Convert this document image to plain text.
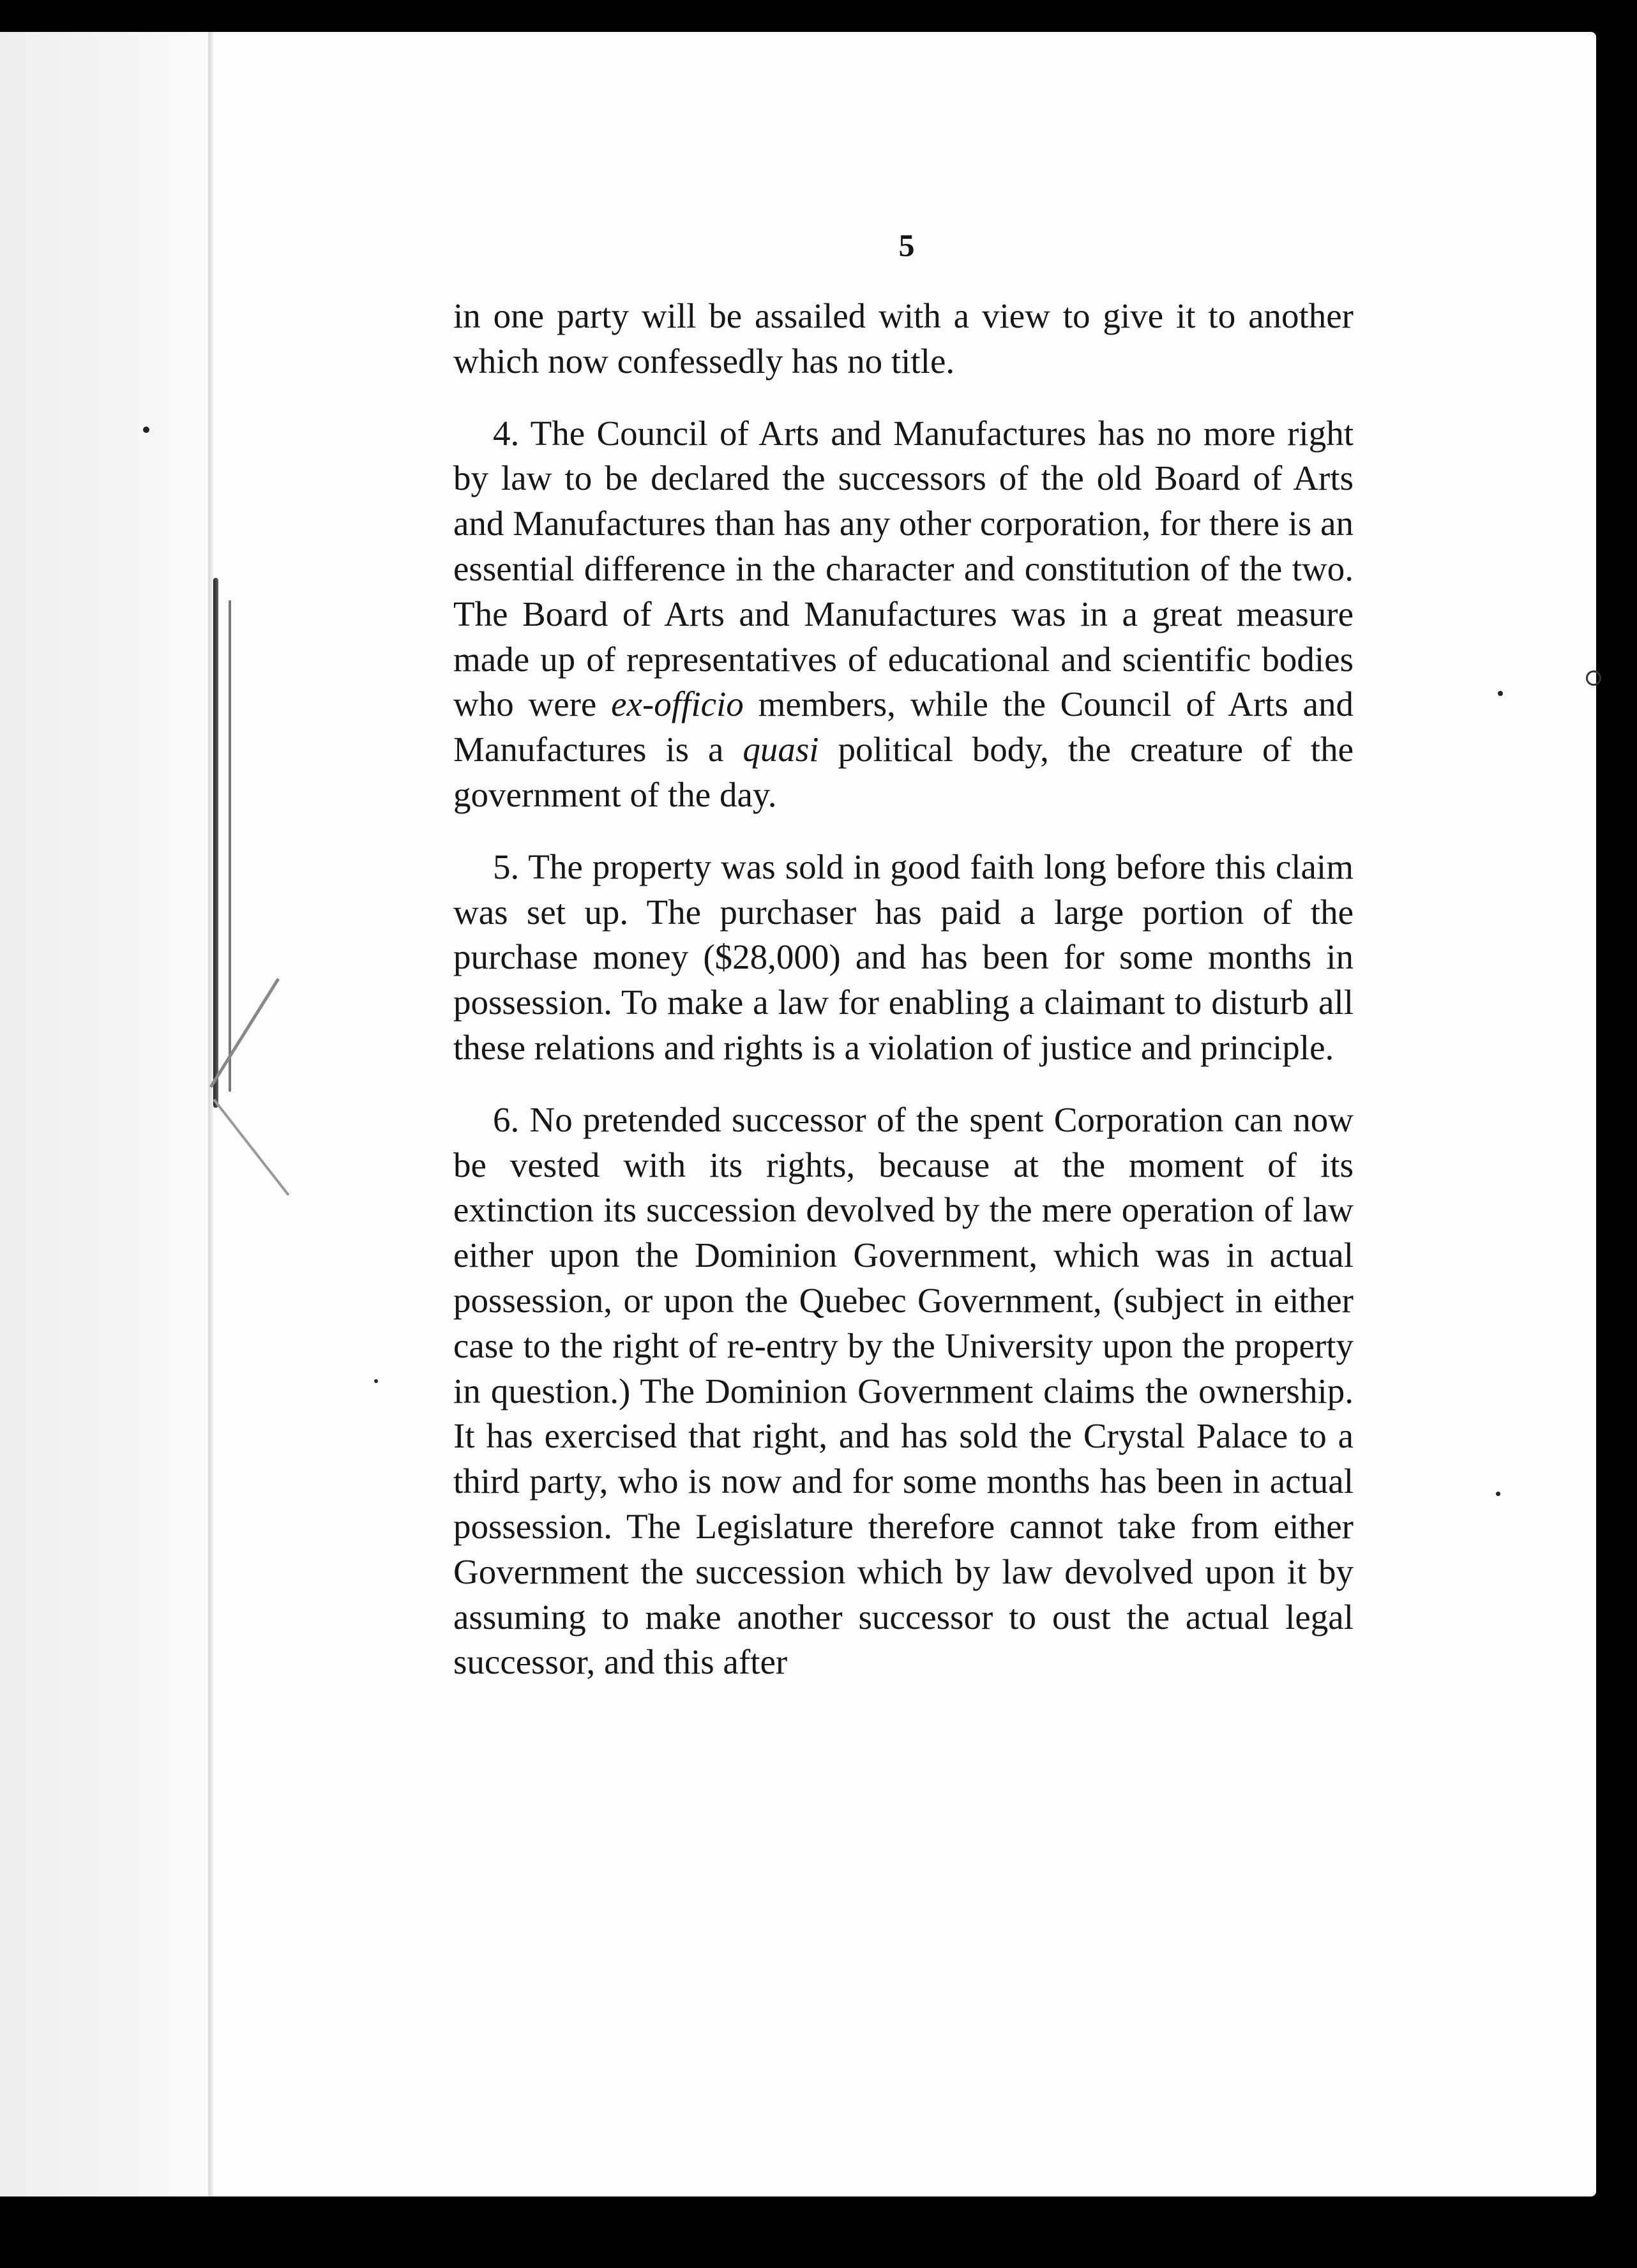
5

in one party will be assailed with a view to give it to another which now confessedly has no title.

4. The Council of Arts and Manufactures has no more right by law to be declared the successors of the old Board of Arts and Manufactures than has any other corporation, for there is an essential difference in the character and constitution of the two. The Board of Arts and Manufactures was in a great measure made up of representatives of educational and scientific bodies who were ex-officio members, while the Council of Arts and Manufactures is a quasi political body, the creature of the government of the day.

5. The property was sold in good faith long before this claim was set up. The purchaser has paid a large portion of the purchase money ($28,000) and has been for some months in possession. To make a law for enabling a claimant to disturb all these relations and rights is a violation of justice and principle.

6. No pretended successor of the spent Corporation can now be vested with its rights, because at the moment of its extinction its succession devolved by the mere operation of law either upon the Dominion Government, which was in actual possession, or upon the Quebec Government, (subject in either case to the right of re-entry by the University upon the property in question.) The Dominion Government claims the ownership. It has exercised that right, and has sold the Crystal Palace to a third party, who is now and for some months has been in actual possession. The Legislature therefore cannot take from either Government the succession which by law devolved upon it by assuming to make another successor to oust the actual legal successor, and this after
